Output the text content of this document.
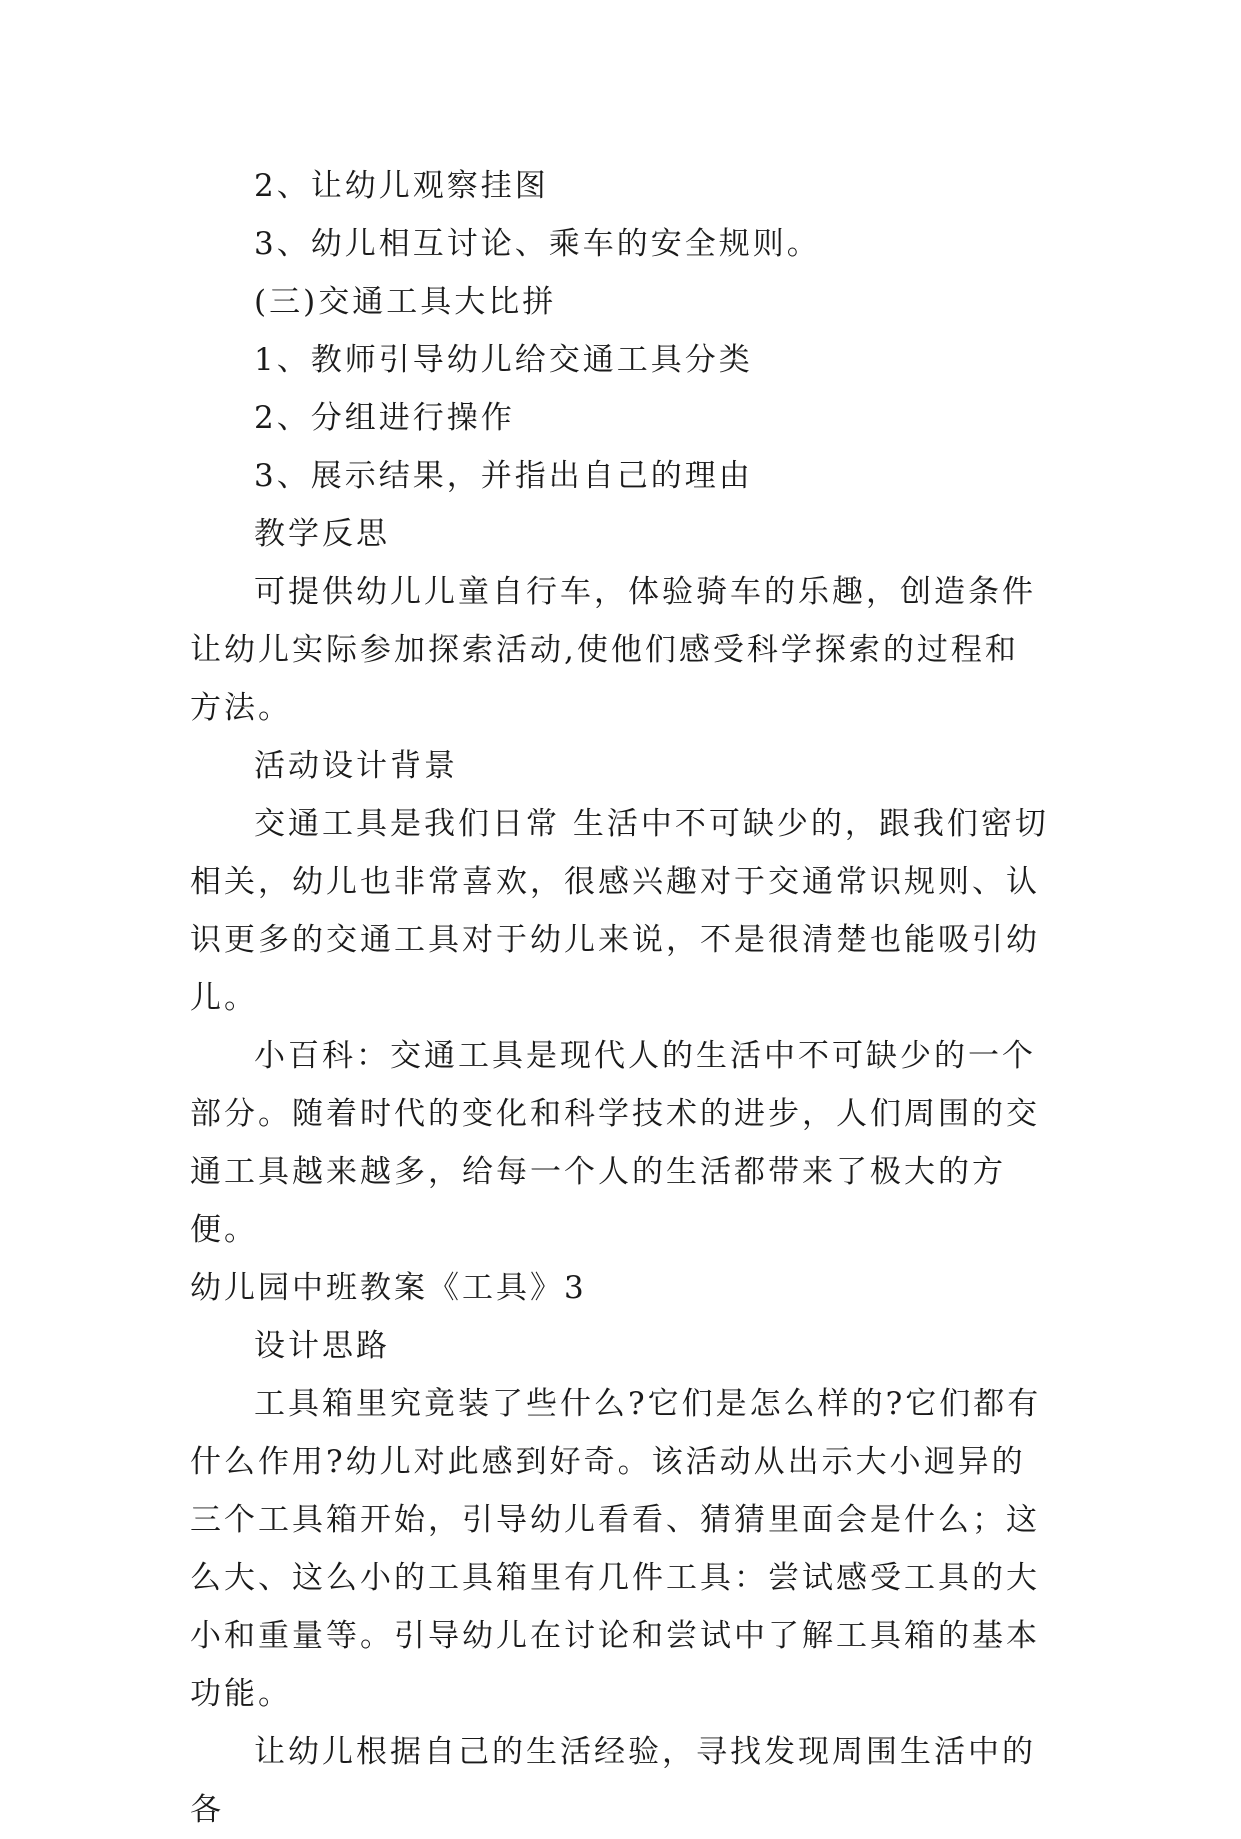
2、让幼儿观察挂图

3、幼儿相互讨论、乘车的安全规则。

(三)交通工具大比拼

1、教师引导幼儿给交通工具分类

2、分组进行操作

3、展示结果，并指出自己的理由

教学反思

可提供幼儿儿童自行车，体验骑车的乐趣，创造条件让幼儿实际参加探索活动,使他们感受科学探索的过程和方法。

活动设计背景

交通工具是我们日常 生活中不可缺少的，跟我们密切相关，幼儿也非常喜欢，很感兴趣对于交通常识规则、认识更多的交通工具对于幼儿来说，不是很清楚也能吸引幼儿。

小百科：交通工具是现代人的生活中不可缺少的一个部分。随着时代的变化和科学技术的进步，人们周围的交通工具越来越多，给每一个人的生活都带来了极大的方便。

幼儿园中班教案《工具》3

设计思路

工具箱里究竟装了些什么?它们是怎么样的?它们都有什么作用?幼儿对此感到好奇。该活动从出示大小迥异的三个工具箱开始，引导幼儿看看、猜猜里面会是什么；这么大、这么小的工具箱里有几件工具：尝试感受工具的大小和重量等。引导幼儿在讨论和尝试中了解工具箱的基本功能。

让幼儿根据自己的生活经验，寻找发现周围生活中的各
